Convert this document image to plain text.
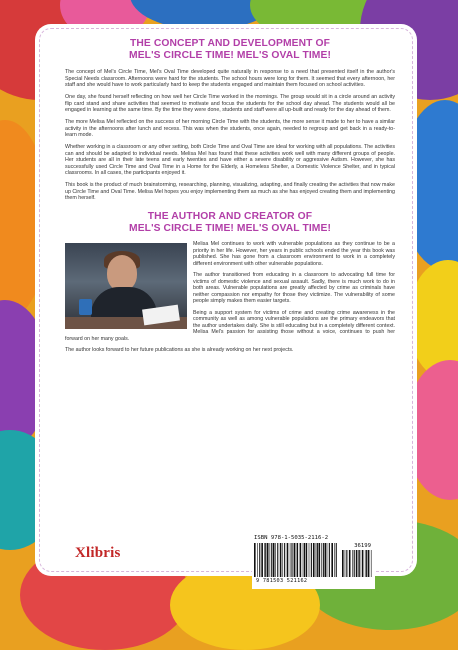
THE CONCEPT AND DEVELOPMENT OF
MEL'S CIRCLE TIME! MEL'S OVAL TIME!

The concept of Mel's Circle Time, Mel's Oval Time developed quite naturally in response to a need that presented itself in the author's Special Needs classroom. Afternoons were hard for the students. The school hours were long for them. It seemed that every afternoon, her staff and she would have to work particularly hard to keep the students engaged and maintain them focused on school activities.

One day, she found herself reflecting on how well her Circle Time worked in the mornings. The group would sit in a circle around an activity flip card stand and share activities that seemed to motivate and focus the students for the school day ahead. The students would all be engaged in learning at the same time. By the time they were done, students and staff were all up-built and ready for the day ahead of them.

The more Melisa Mel reflected on the success of her morning Circle Time with the students, the more sense it made to her to have a similar activity in the afternoons after lunch and recess. This was when the students, once again, needed to regroup and get back in a ready-to-learn mode.

Whether working in a classroom or any other setting, both Circle Time and Oval Time are ideal for working with all populations. The activities can and should be adapted to individual needs. Melisa Mel has found that these activities work well with many different groups of people. Her students are all in their late teens and early twenties and have either a severe disability or aggressive Autism. However, she has successfully used Circle Time and Oval Time in a Home for the Elderly, a Homeless Shelter, a Domestic Violence Shelter, and in typical classrooms. In all cases, the participants enjoyed it.

This book is the product of much brainstorming, researching, planning, visualizing, adapting, and finally creating the activities that now make up Circle Time and Oval Time. Melisa Mel hopes you enjoy implementing them as much as she has enjoyed creating them and implementing them herself.

THE AUTHOR AND CREATOR OF
MEL'S CIRCLE TIME! MEL'S OVAL TIME!

Melisa Mel continues to work with vulnerable populations as they continue to be a priority in her life. However, her years in public schools ended the year this book was published. She has gone from a classroom environment to work in a completely different environment with other vulnerable populations.

The author transitioned from educating in a classroom to advocating full time for victims of domestic violence and sexual assault. Sadly, there is much work to do in both areas. Vulnerable populations are greatly affected by crime as criminals have neither compassion nor empathy for those they victimize. The vulnerability of some people simply makes them easier targets.

Being a support system for victims of crime and creating crime awareness in the community as well as among vulnerable populations are the primary endeavors that the author undertakes daily. She is still educating but in a completely different context. Melisa Mel's passion for assisting those without a voice, continues to push her forward on her many goals.

The author looks forward to her future publications as she is already working on her next projects.

Xlibris
ISBN 978-1-5035-2116-2
36199
9 781503 521162
